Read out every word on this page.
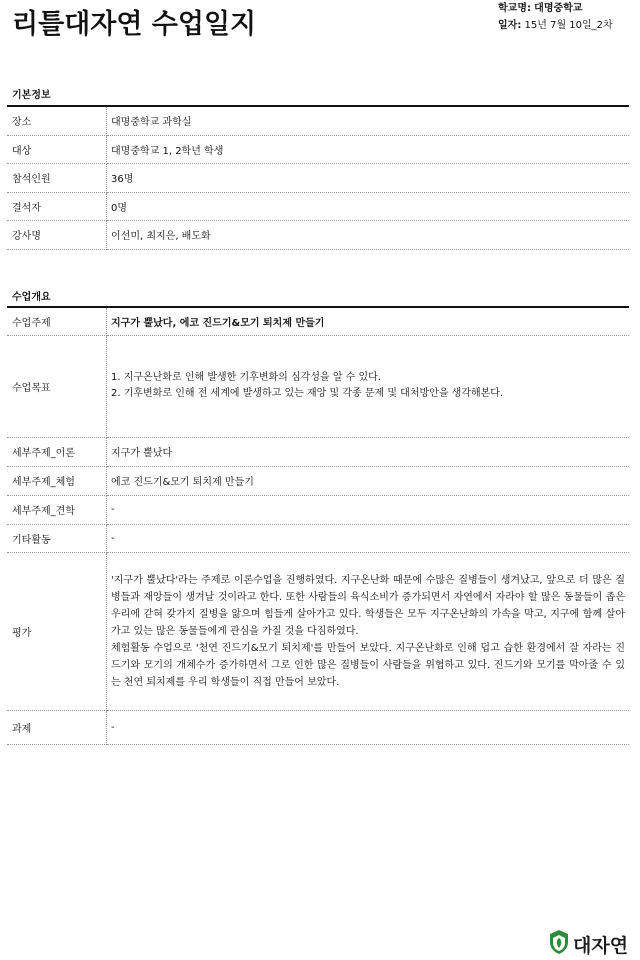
리틀대자연 수업일지
학교명: 대명중학교
일자: 15년 7월 10일_2차
기본정보
장소	대명중학교 과학실
대상	대명중학교 1, 2학년 학생
참석인원	36명
결석자	0명
강사명	이선미, 최지은, 배도화
수업개요
수업주제	지구가 뿔났다, 에코 진드기&모기 퇴치제 만들기
수업목표	1. 지구온난화로 인해 발생한 기후변화의 심각성을 알 수 있다.
2. 기후변화로 인해 전 세계에 발생하고 있는 재앙 및 각종 문제 및 대처방안을 생각해본다.

세부주제_이론	지구가 뿔났다
세부주제_체험	에코 진드기&모기 퇴치제 만들기
세부주제_견학	-
기타활동	-
평가	'지구가 뿔났다'라는 주제로 이론수업을 진행하였다. 지구온난화 때문에 수많은 질병들이 생겨났고, 앞으로 더 많은 질병들과 재앙들이 생겨날 것이라고 한다. 또한 사람들의 육식소비가 증가되면서 자연에서 자라야 할 많은 동물들이 좁은 우리에 갇혀 갖가지 질병을 앓으며 힘들게 살아가고 있다. 학생들은 모두 지구온난화의 가속을 막고, 지구에 함께 살아가고 있는 많은 동물들에게 관심을 가질 것을 다짐하였다.
체험활동 수업으로 '천연 진드기&모기 퇴치제'를 만들어 보았다. 지구온난화로 인해 덥고 습한 환경에서 잘 자라는 진드기와 모기의 개체수가 증가하면서 그로 인한 많은 질병들이 사람들을 위협하고 있다. 진드기와 모기를 막아줄 수 있는 천연 퇴치제를 우리 학생들이 직접 만들어 보았다.

과제	-
대자연
